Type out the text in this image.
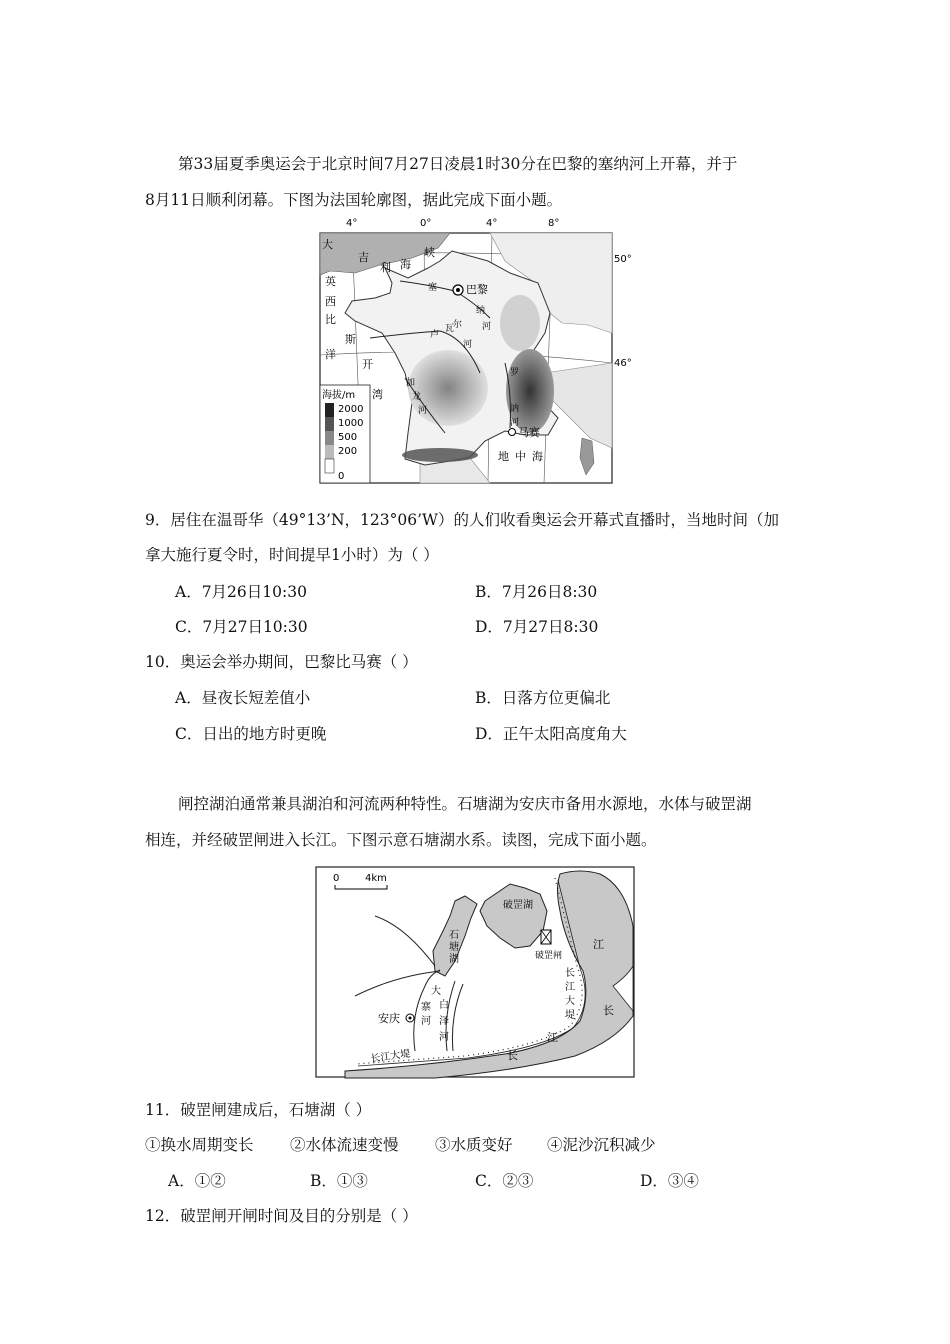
第33届夏季奥运会于北京时间7月27日凌晨1时30分在巴黎的塞纳河上开幕，并于
8月11日顺利闭幕。下图为法国轮廓图，据此完成下面小题。
4°	0°	4°	8°
50°
46°
巴黎
马赛
地中海
大
吉
利 海
峡
英
西
比
斯
洋
开
湾
塞
纳
河
卢
瓦
尔
河
罗
讷
河
加
龙
河
海拔/m
2000
1000
500
200
0
9．居住在温哥华（49°13’N，123°06’W）的人们收看奥运会开幕式直播时，当地时间（加
拿大施行夏令时，时间提早1小时）为（ ）
A．7月26日10:30	B．7月26日8:30
C．7月27日10:30	D．7月27日8:30
10．奥运会举办期间，巴黎比马赛（ ）
A．昼夜长短差值小	B．日落方位更偏北
C．日出的地方时更晚	D．正午太阳高度角大
闸控湖泊通常兼具湖泊和河流两种特性。石塘湖为安庆市备用水源地，水体与破罡湖
相连，并经破罡闸进入长江。下图示意石塘湖水系。读图，完成下面小题。
0	4km
安庆
石
塘
湖
破罡湖
破罡闸
长
江
大
堤
长江大堤
江
长
江
长
大
寨
河
白
泽
河
11．破罡闸建成后，石塘湖（ ）
①换水周期变长 ②水体流速变慢 ③水质变好 ④泥沙沉积减少
A．①②	B．①③	C．②③	D．③④
12．破罡闸开闸时间及目的分别是（ ）
